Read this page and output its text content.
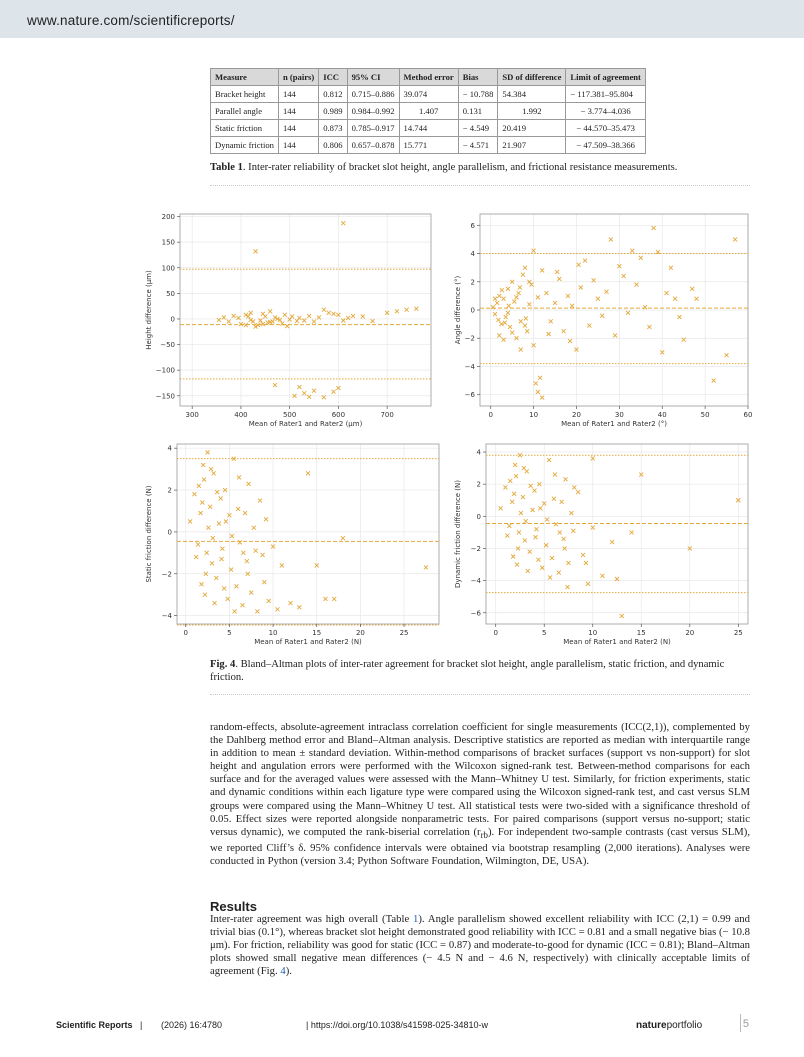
www.nature.com/scientificreports/
Measure	n (pairs)	ICC	95% CI	Method error	Bias	SD of difference	Limit of agreement
Bracket height	144	0.812	0.715–0.886	39.074	− 10.788	54.384	− 117.381–95.804
Parallel angle	144	0.989	0.984–0.992	1.407	0.131	1.992	− 3.774–4.036
Static friction	144	0.873	0.785–0.917	14.744	− 4.549	20.419	− 44.570–35.473
Dynamic friction	144	0.806	0.657–0.878	15.771	− 4.571	21.907	− 47.509–38.366
Table 1. Inter-rater reliability of bracket slot height, angle parallelism, and frictional resistance measurements.
300	400	500	600	700
200
150
100
50
0
−50
−100
−150
Mean of Rater1 and Rater2 (μm)
Height difference (μm)
0	10	20	30	40	50	60
6
4
2
0
−2
−4
−6
Mean of Rater1 and Rater2 (°)
Angle difference (°)
0	5	10	15	20	25
4
2
0
−2
−4
Mean of Rater1 and Rater2 (N)
Static friction difference (N)
0	5	10	15	20	25
4
2
0
−2
−4
−6
Mean of Rater1 and Rater2 (N)
Dynamic friction difference (N)
Fig. 4. Bland–Altman plots of inter-rater agreement for bracket slot height, angle parallelism, static friction, and dynamic friction.
random-effects, absolute-agreement intraclass correlation coefficient for single measurements (ICC(2,1)), complemented by the Dahlberg method error and Bland–Altman analysis. Descriptive statistics are reported as median with interquartile range in addition to mean ± standard deviation. Within-method comparisons of bracket surfaces (support vs non-support) for slot height and angulation errors were performed with the Wilcoxon signed-rank test. Between-method comparisons for each surface and for the averaged values were assessed with the Mann–Whitney U test. Similarly, for friction experiments, static and dynamic conditions within each ligature type were compared using the Wilcoxon signed-rank test, and cast versus SLM groups were compared using the Mann–Whitney U test. All statistical tests were two-sided with a significance threshold of 0.05. Effect sizes were reported alongside nonparametric tests. For paired comparisons (support versus no-support; static versus dynamic), we computed the rank-biserial correlation $(r_{rb})$. For independent two-sample contrasts (cast versus SLM), we reported Cliff’s δ. 95% confidence intervals were obtained via bootstrap resampling (2,000 iterations). Analyses were conducted in Python (version 3.4; Python Software Foundation, Wilmington, DE, USA).
Results
Inter-rater agreement was high overall (Table 1). Angle parallelism showed excellent reliability with ICC (2,1) = 0.99 and trivial bias (0.1°), whereas bracket slot height demonstrated good reliability with ICC = 0.81 and a small negative bias (− 10.8 μm). For friction, reliability was good for static (ICC = 0.87) and moderate-to-good for dynamic (ICC = 0.81); Bland–Altman plots showed small negative mean differences (− 4.5 N and − 4.6 N, respectively) with clinically acceptable limits of agreement (Fig. 4).
Scientific Reports | (2026) 16:4780	| https://doi.org/10.1038/s41598-025-34810-w	natureportfolio	5
